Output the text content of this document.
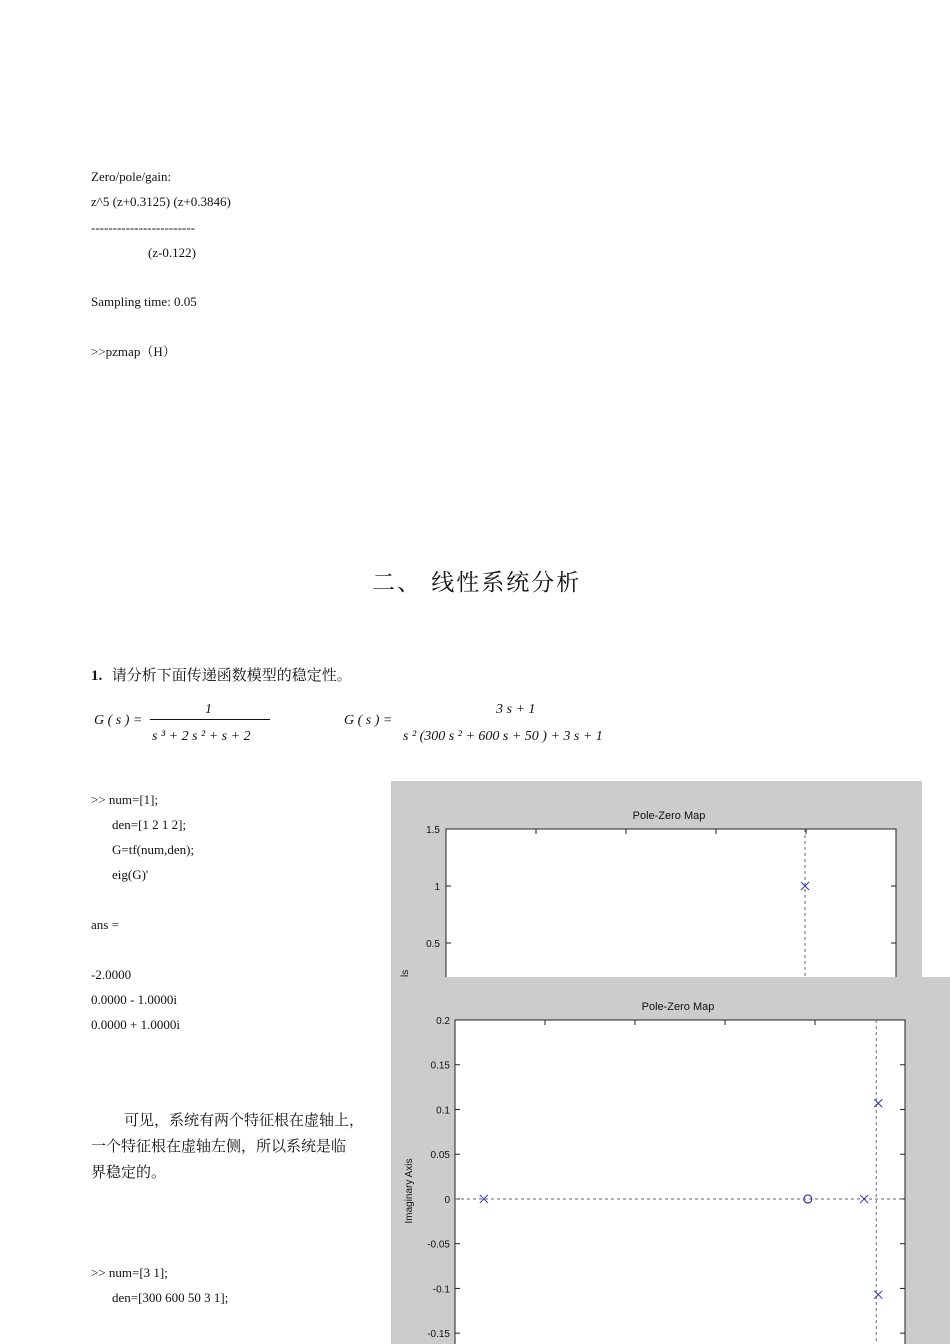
Zero/pole/gain:
z^5 (z+0.3125) (z+0.3846)
------------------------
(z-0.122)
Sampling time: 0.05
>>pzmap（H）
二、 线性系统分析
1. 请分析下面传递函数模型的稳定性。
G ( s ) =
1
s ³ + 2 s ² + s + 2
G ( s ) =
3 s + 1
s ² (300 s ² + 600 s + 50 ) + 3 s + 1
>> num=[1];
den=[1 2 1 2];
G=tf(num,den);
eig(G)'
ans =
-2.0000
0.0000 - 1.0000i
0.0000 + 1.0000i
可见，系统有两个特征根在虚轴上，
一个特征根在虚轴左侧，所以系统是临
界稳定的。
>> num=[3 1];
den=[300 600 50 3 1];
Pole-Zero Map
ls
1.5
1
0.5
Pole-Zero Map
Imaginary Axis
0.2
0.15
0.1
0.05
0
-0.05
-0.1
-0.15
